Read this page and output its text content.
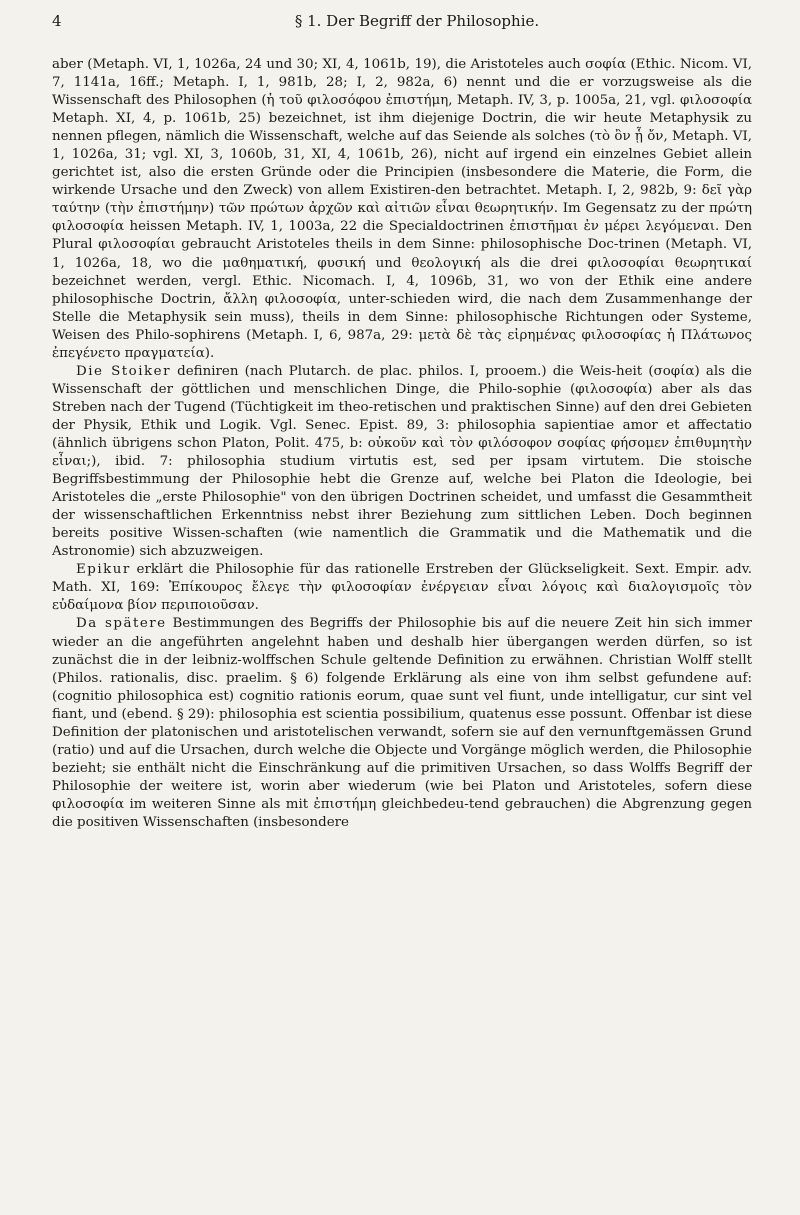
4	§ 1. Der Begriff der Philosophie.

aber (Metaph. VI, 1, 1026a, 24 und 30; XI, 4, 1061b, 19), die Aristoteles auch σοφία (Ethic. Nicom. VI, 7, 1141a, 16ff.; Metaph. I, 1, 981b, 28; I, 2, 982a, 6) nennt und die er vorzugsweise als die Wissenschaft des Philosophen (ἡ τοῦ φιλοσόφου ἐπιστήμη, Metaph. IV, 3, p. 1005a, 21, vgl. φιλοσοφία Metaph. XI, 4, p. 1061b, 25) bezeichnet, ist ihm diejenige Doctrin, die wir heute Metaphysik zu nennen pflegen, nämlich die Wissenschaft, welche auf das Seiende als solches (τὸ ὂν ᾗ ὄν, Metaph. VI, 1, 1026a, 31; vgl. XI, 3, 1060b, 31, XI, 4, 1061b, 26), nicht auf irgend ein einzelnes Gebiet allein gerichtet ist, also die ersten Gründe oder die Principien (insbesondere die Materie, die Form, die wirkende Ursache und den Zweck) von allem Existiren-den betrachtet. Metaph. I, 2, 982b, 9: δεῖ γὰρ ταύτην (τὴν ἐπιστήμην) τῶν πρώτων ἀρχῶν καὶ αἰτιῶν εἶναι θεωρητικήν. Im Gegensatz zu der πρώτη φιλοσοφία heissen Metaph. IV, 1, 1003a, 22 die Specialdoctrinen ἐπιστῆμαι ἐν μέρει λεγόμεναι. Den Plural φιλοσοφίαι gebraucht Aristoteles theils in dem Sinne: philosophische Doc-trinen (Metaph. VI, 1, 1026a, 18, wo die μαθηματική, φυσική und θεολογική als die drei φιλοσοφίαι θεωρητικαί bezeichnet werden, vergl. Ethic. Nicomach. I, 4, 1096b, 31, wo von der Ethik eine andere philosophische Doctrin, ἄλλη φιλοσοφία, unter-schieden wird, die nach dem Zusammenhange der Stelle die Metaphysik sein muss), theils in dem Sinne: philosophische Richtungen oder Systeme, Weisen des Philo-sophirens (Metaph. I, 6, 987a, 29: μετὰ δὲ τὰς εἰρημένας φιλοσοφίας ἡ Πλάτωνος ἐπεγένετο πραγματεία).

Die Stoiker definiren (nach Plutarch. de plac. philos. I, prooem.) die Weis-heit (σοφία) als die Wissenschaft der göttlichen und menschlichen Dinge, die Philo-sophie (φιλοσοφία) aber als das Streben nach der Tugend (Tüchtigkeit im theo-retischen und praktischen Sinne) auf den drei Gebieten der Physik, Ethik und Logik. Vgl. Senec. Epist. 89, 3: philosophia sapientiae amor et affectatio (ähnlich übrigens schon Platon, Polit. 475, b: οὐκοῦν καὶ τὸν φιλόσοφον σοφίας φήσομεν ἐπιθυμητὴν εἶναι;), ibid. 7: philosophia studium virtutis est, sed per ipsam virtutem. Die stoische Begriffsbestimmung der Philosophie hebt die Grenze auf, welche bei Platon die Ideologie, bei Aristoteles die „erste Philosophie" von den übrigen Doctrinen scheidet, und umfasst die Gesammtheit der wissenschaftlichen Erkenntniss nebst ihrer Beziehung zum sittlichen Leben. Doch beginnen bereits positive Wissen-schaften (wie namentlich die Grammatik und die Mathematik und die Astronomie) sich abzuzweigen.

Epikur erklärt die Philosophie für das rationelle Erstreben der Glückseligkeit. Sext. Empir. adv. Math. XI, 169: Ἐπίκουρος ἔλεγε τὴν φιλοσοφίαν ἐνέργειαν εἶναι λόγοις καὶ διαλογισμοῖς τὸν εὐδαίμονα βίον περιποιοῦσαν.

Da spätere Bestimmungen des Begriffs der Philosophie bis auf die neuere Zeit hin sich immer wieder an die angeführten angelehnt haben und deshalb hier übergangen werden dürfen, so ist zunächst die in der leibniz-wolffschen Schule geltende Definition zu erwähnen. Christian Wolff stellt (Philos. rationalis, disc. praelim. § 6) folgende Erklärung als eine von ihm selbst gefundene auf: (cognitio philosophica est) cognitio rationis eorum, quae sunt vel fiunt, unde intelligatur, cur sint vel fiant, und (ebend. § 29): philosophia est scientia possibilium, quatenus esse possunt. Offenbar ist diese Definition der platonischen und aristotelischen verwandt, sofern sie auf den vernunftgemässen Grund (ratio) und auf die Ursachen, durch welche die Objecte und Vorgänge möglich werden, die Philosophie bezieht; sie enthält nicht die Einschränkung auf die primitiven Ursachen, so dass Wolffs Begriff der Philosophie der weitere ist, worin aber wiederum (wie bei Platon und Aristoteles, sofern diese φιλοσοφία im weiteren Sinne als mit ἐπιστήμη gleichbedeu-tend gebrauchen) die Abgrenzung gegen die positiven Wissenschaften (insbesondere
